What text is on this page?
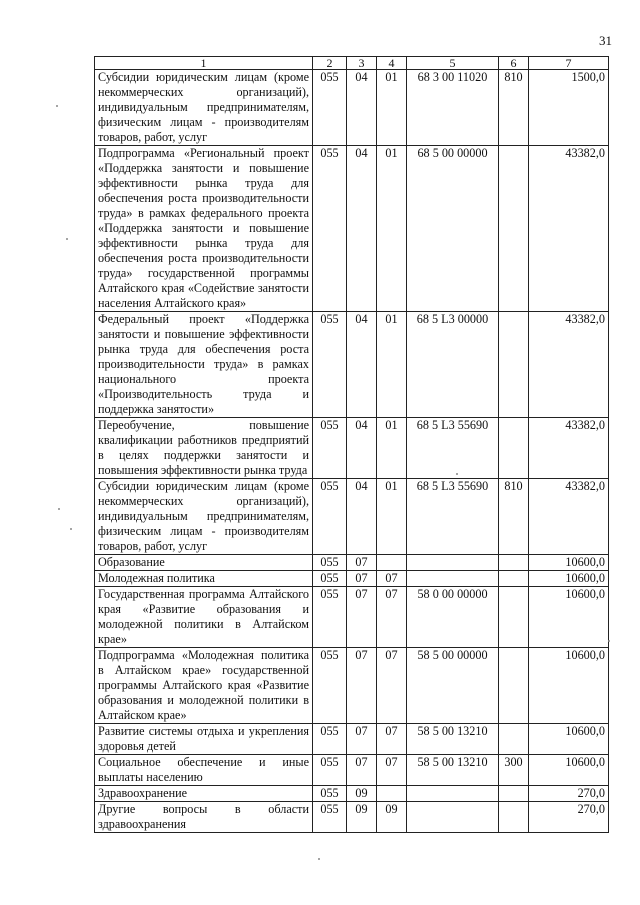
31
1	2	3	4	5	6	7
Субсидии юридическим лицам (кроме некоммерческих организаций), индивидуальным предпринимателям, физическим лицам - производителям товаров, работ, услуг	055	04	01	68 3 00 11020	810	1500,0
Подпрограмма «Региональный проект «Поддержка занятости и повышение эффективности рынка труда для обеспечения роста производительности труда» в рамках федерального проекта «Поддержка занятости и повышение эффективности рынка труда для обеспечения роста производительности труда» государственной программы Алтайского края «Содействие занятости населения Алтайского края»	055	04	01	68 5 00 00000		43382,0
Федеральный проект «Поддержка занятости и повышение эффективности рынка труда для обеспечения роста производительности труда» в рамках национального проекта «Производительность труда и поддержка занятости»	055	04	01	68 5 L3 00000		43382,0
Переобучение, повышение квалификации работников предприятий в целях поддержки занятости и повышения эффективности рынка труда	055	04	01	68 5 L3 55690		43382,0
Субсидии юридическим лицам (кроме некоммерческих организаций), индивидуальным предпринимателям, физическим лицам - производителям товаров, работ, услуг	055	04	01	68 5 L3 55690	810	43382,0
Образование	055	07				10600,0
Молодежная политика	055	07	07			10600,0
Государственная программа Алтайского края «Развитие образования и молодежной политики в Алтайском крае»	055	07	07	58 0 00 00000		10600,0
Подпрограмма «Молодежная политика в Алтайском крае» государственной программы Алтайского края «Развитие образования и молодежной политики в Алтайском крае»	055	07	07	58 5 00 00000		10600,0
Развитие системы отдыха и укрепления здоровья детей	055	07	07	58 5 00 13210		10600,0
Социальное обеспечение и иные выплаты населению	055	07	07	58 5 00 13210	300	10600,0
Здравоохранение	055	09				270,0
Другие вопросы в области здравоохранения	055	09	09			270,0
